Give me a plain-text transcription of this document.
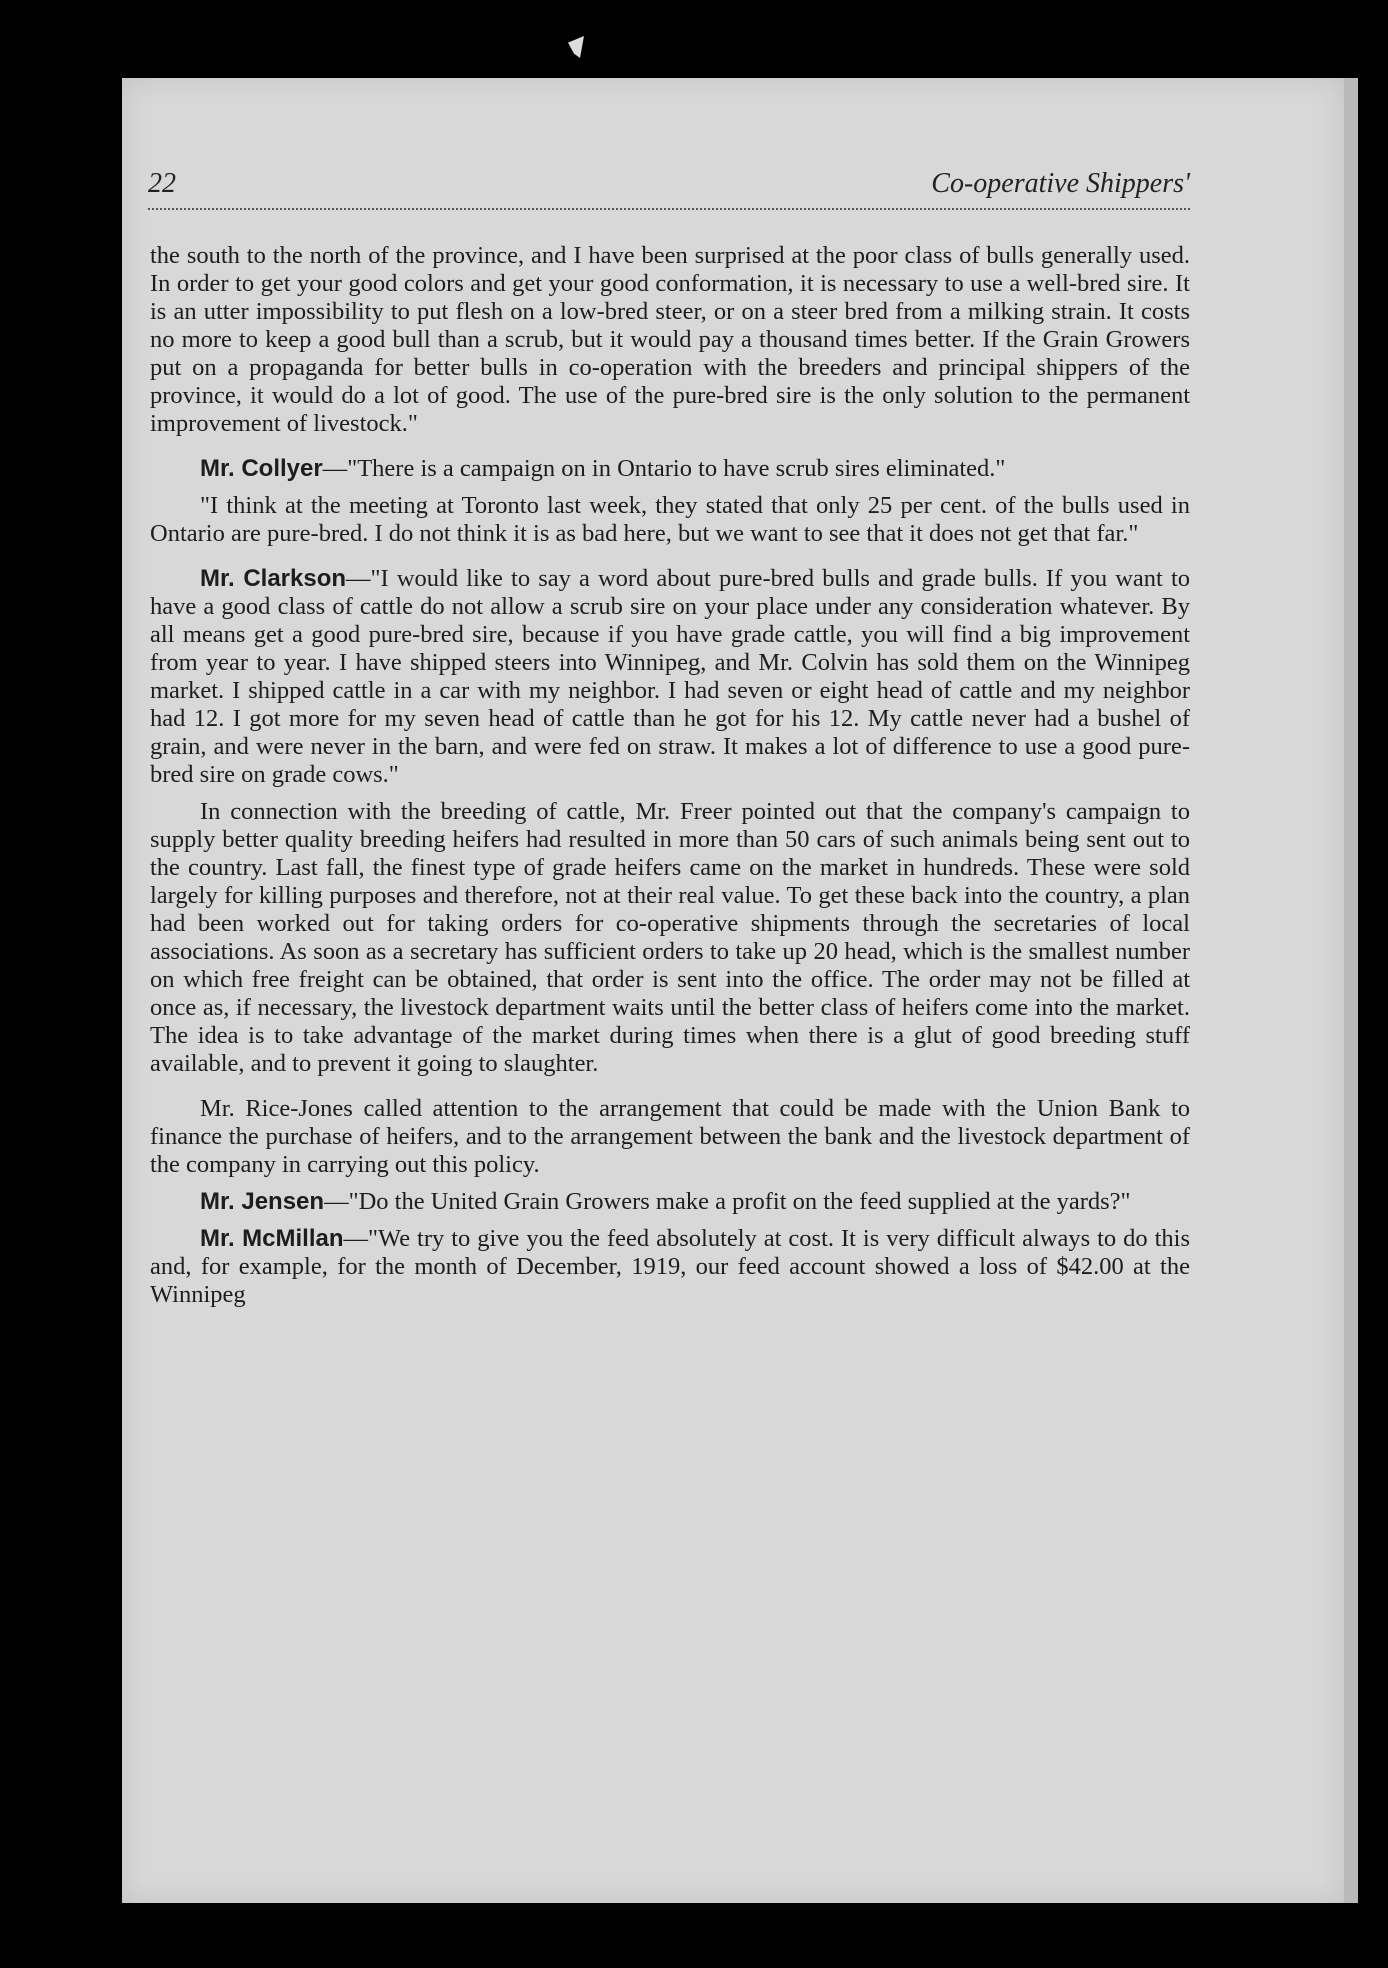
22	Co-operative Shippers'

the south to the north of the province, and I have been surprised at the poor class of bulls generally used. In order to get your good colors and get your good conformation, it is necessary to use a well-bred sire. It is an utter impossibility to put flesh on a low-bred steer, or on a steer bred from a milking strain. It costs no more to keep a good bull than a scrub, but it would pay a thousand times better. If the Grain Growers put on a propaganda for better bulls in co-operation with the breeders and principal shippers of the province, it would do a lot of good. The use of the pure-bred sire is the only solution to the permanent improvement of livestock."

Mr. Collyer—"There is a campaign on in Ontario to have scrub sires eliminated."

"I think at the meeting at Toronto last week, they stated that only 25 per cent. of the bulls used in Ontario are pure-bred. I do not think it is as bad here, but we want to see that it does not get that far."

Mr. Clarkson—"I would like to say a word about pure-bred bulls and grade bulls. If you want to have a good class of cattle do not allow a scrub sire on your place under any consideration whatever. By all means get a good pure-bred sire, because if you have grade cattle, you will find a big improvement from year to year. I have shipped steers into Winnipeg, and Mr. Colvin has sold them on the Winnipeg market. I shipped cattle in a car with my neighbor. I had seven or eight head of cattle and my neighbor had 12. I got more for my seven head of cattle than he got for his 12. My cattle never had a bushel of grain, and were never in the barn, and were fed on straw. It makes a lot of difference to use a good pure-bred sire on grade cows."

In connection with the breeding of cattle, Mr. Freer pointed out that the company's campaign to supply better quality breeding heifers had resulted in more than 50 cars of such animals being sent out to the country. Last fall, the finest type of grade heifers came on the market in hundreds. These were sold largely for killing purposes and therefore, not at their real value. To get these back into the country, a plan had been worked out for taking orders for co-operative shipments through the secretaries of local associations. As soon as a secretary has sufficient orders to take up 20 head, which is the smallest number on which free freight can be obtained, that order is sent into the office. The order may not be filled at once as, if necessary, the livestock department waits until the better class of heifers come into the market. The idea is to take advantage of the market during times when there is a glut of good breeding stuff available, and to prevent it going to slaughter.

Mr. Rice-Jones called attention to the arrangement that could be made with the Union Bank to finance the purchase of heifers, and to the arrangement between the bank and the livestock department of the company in carrying out this policy.

Mr. Jensen—"Do the United Grain Growers make a profit on the feed supplied at the yards?"

Mr. McMillan—"We try to give you the feed absolutely at cost. It is very difficult always to do this and, for example, for the month of December, 1919, our feed account showed a loss of $42.00 at the Winnipeg
